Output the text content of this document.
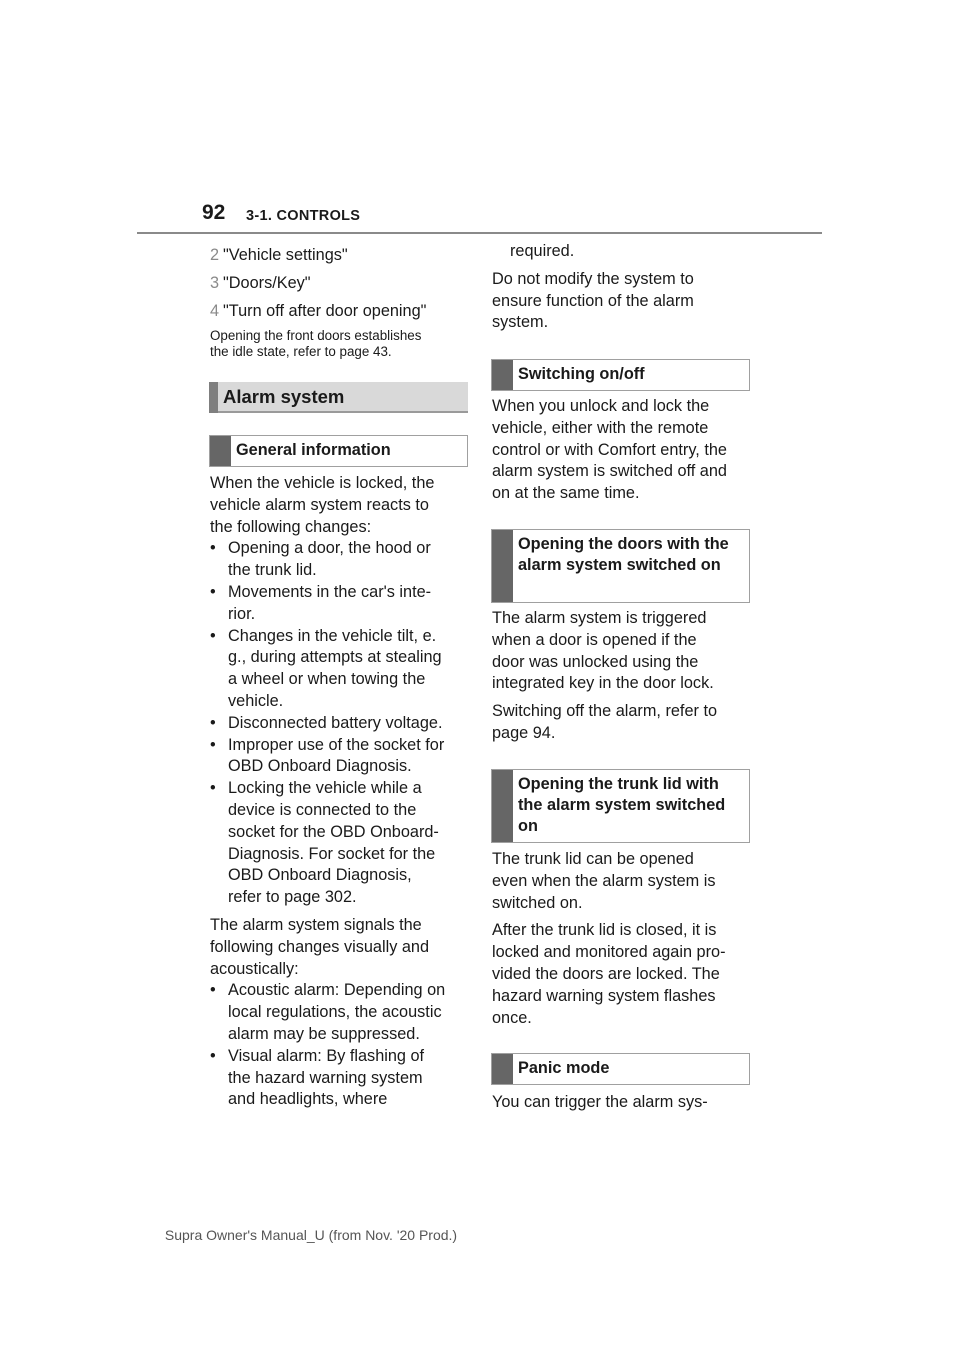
92 3-1. CONTROLS
2 "Vehicle settings"
3 "Doors/Key"
4 "Turn off after door opening"
Opening the front doors establishes
the idle state, refer to page 43.
Alarm system
General information
When the vehicle is locked, the
vehicle alarm system reacts to
the following changes:
• Opening a door, the hood or
the trunk lid.
• Movements in the car's inte-
rior.
• Changes in the vehicle tilt, e.
g., during attempts at stealing
a wheel or when towing the
vehicle.
• Disconnected battery voltage.
• Improper use of the socket for
OBD Onboard Diagnosis.
• Locking the vehicle while a
device is connected to the
socket for the OBD Onboard-
Diagnosis. For socket for the
OBD Onboard Diagnosis,
refer to page 302.
The alarm system signals the
following changes visually and
acoustically:
• Acoustic alarm: Depending on
local regulations, the acoustic
alarm may be suppressed.
• Visual alarm: By flashing of
the hazard warning system
and headlights, where
required.
Do not modify the system to
ensure function of the alarm
system.
Switching on/off
When you unlock and lock the
vehicle, either with the remote
control or with Comfort entry, the
alarm system is switched off and
on at the same time.
Opening the doors with the alarm system switched on
The alarm system is triggered
when a door is opened if the
door was unlocked using the
integrated key in the door lock.
Switching off the alarm, refer to
page 94.
Opening the trunk lid with the alarm system switched on
The trunk lid can be opened
even when the alarm system is
switched on.
After the trunk lid is closed, it is
locked and monitored again pro-
vided the doors are locked. The
hazard warning system flashes
once.
Panic mode
You can trigger the alarm sys-
Supra Owner's Manual_U (from Nov. '20 Prod.)
